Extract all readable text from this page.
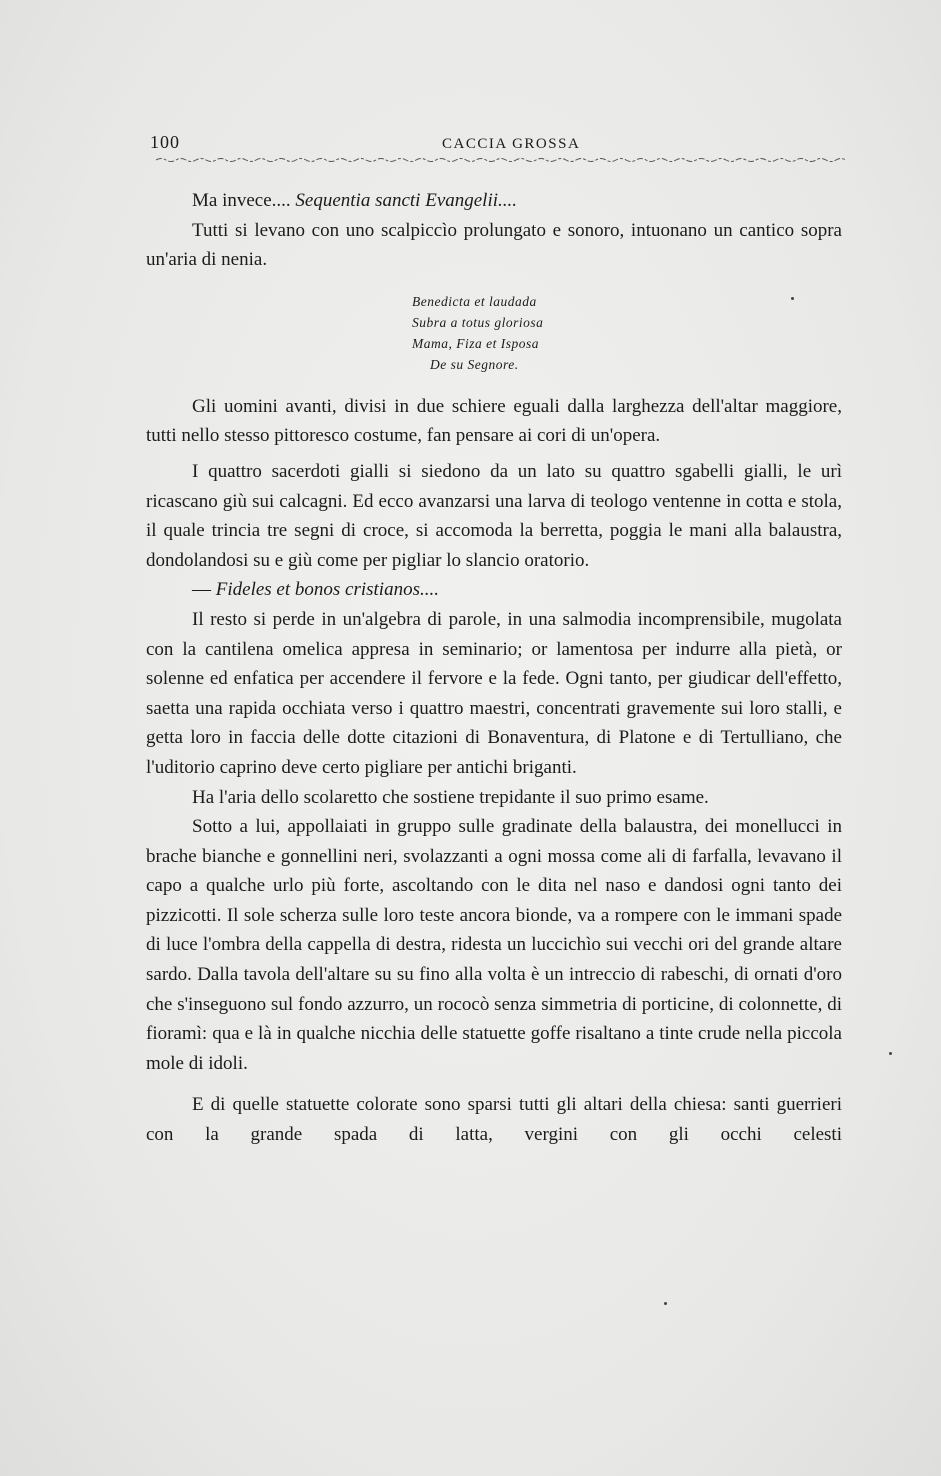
100	CACCIA GROSSA

Ma invece.... Sequentia sancti Evangelii....

Tutti si levano con uno scalpiccìo prolungato e sonoro, intuonano un cantico sopra un'aria di nenia.

Benedicta et laudada
Subra a totus gloriosa
Mama, Fiza et Isposa
De su Segnore.

Gli uomini avanti, divisi in due schiere eguali dalla larghezza dell'altar maggiore, tutti nello stesso pittoresco costume, fan pensare ai cori di un'opera.

I quattro sacerdoti gialli si siedono da un lato su quattro sgabelli gialli, le urì ricascano giù sui calcagni. Ed ecco avanzarsi una larva di teologo ventenne in cotta e stola, il quale trincia tre segni di croce, si accomoda la berretta, poggia le mani alla balaustra, dondolandosi su e giù come per pigliar lo slancio oratorio.

— Fideles et bonos cristianos....

Il resto si perde in un'algebra di parole, in una salmodia incomprensibile, mugolata con la cantilena omelica appresa in seminario; or lamentosa per indurre alla pietà, or solenne ed enfatica per accendere il fervore e la fede. Ogni tanto, per giudicar dell'effetto, saetta una rapida occhiata verso i quattro maestri, concentrati gravemente sui loro stalli, e getta loro in faccia delle dotte citazioni di Bonaventura, di Platone e di Tertulliano, che l'uditorio caprino deve certo pigliare per antichi briganti.

Ha l'aria dello scolaretto che sostiene trepidante il suo primo esame.

Sotto a lui, appollaiati in gruppo sulle gradinate della balaustra, dei monellucci in brache bianche e gonnellini neri, svolazzanti a ogni mossa come ali di farfalla, levavano il capo a qualche urlo più forte, ascoltando con le dita nel naso e dandosi ogni tanto dei pizzicotti. Il sole scherza sulle loro teste ancora bionde, va a rompere con le immani spade di luce l'ombra della cappella di destra, ridesta un luccichìo sui vecchi ori del grande altare sardo. Dalla tavola dell'altare su su fino alla volta è un intreccio di rabeschi, di ornati d'oro che s'inseguono sul fondo azzurro, un rococò senza simmetria di porticine, di colonnette, di fioramì: qua e là in qualche nicchia delle statuette goffe risaltano a tinte crude nella piccola mole di idoli.

E di quelle statuette colorate sono sparsi tutti gli altari della chiesa: santi guerrieri con la grande spada di latta, vergini con gli occhi celesti
